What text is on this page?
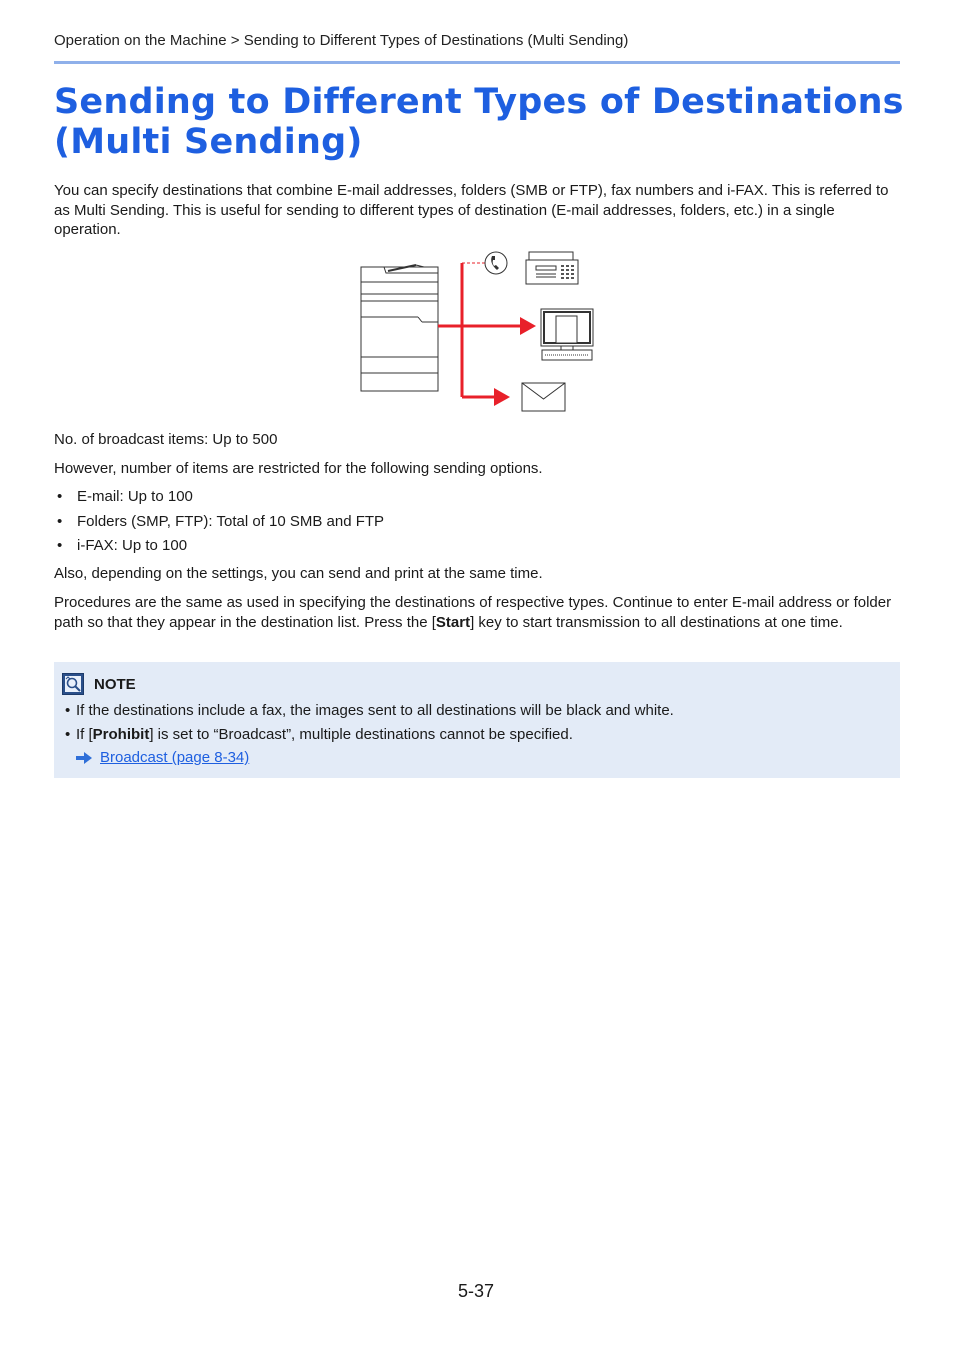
Operation on the Machine > Sending to Different Types of Destinations (Multi Sending)
Sending to Different Types of Destinations (Multi Sending)

You can specify destinations that combine E-mail addresses, folders (SMB or FTP), fax numbers and i-FAX. This is referred to as Multi Sending. This is useful for sending to different types of destination (E-mail addresses, folders, etc.) in a single operation.

No. of broadcast items: Up to 500

However, number of items are restricted for the following sending options.

• E-mail: Up to 100
• Folders (SMP, FTP): Total of 10 SMB and FTP
• i-FAX: Up to 100

Also, depending on the settings, you can send and print at the same time.

Procedures are the same as used in specifying the destinations of respective types. Continue to enter E-mail address or folder path so that they appear in the destination list. Press the [Start] key to start transmission to all destinations at one time.

NOTE
• If the destinations include a fax, the images sent to all destinations will be black and white.
• If [Prohibit] is set to “Broadcast”, multiple destinations cannot be specified.
Broadcast (page 8-34)
5-37
